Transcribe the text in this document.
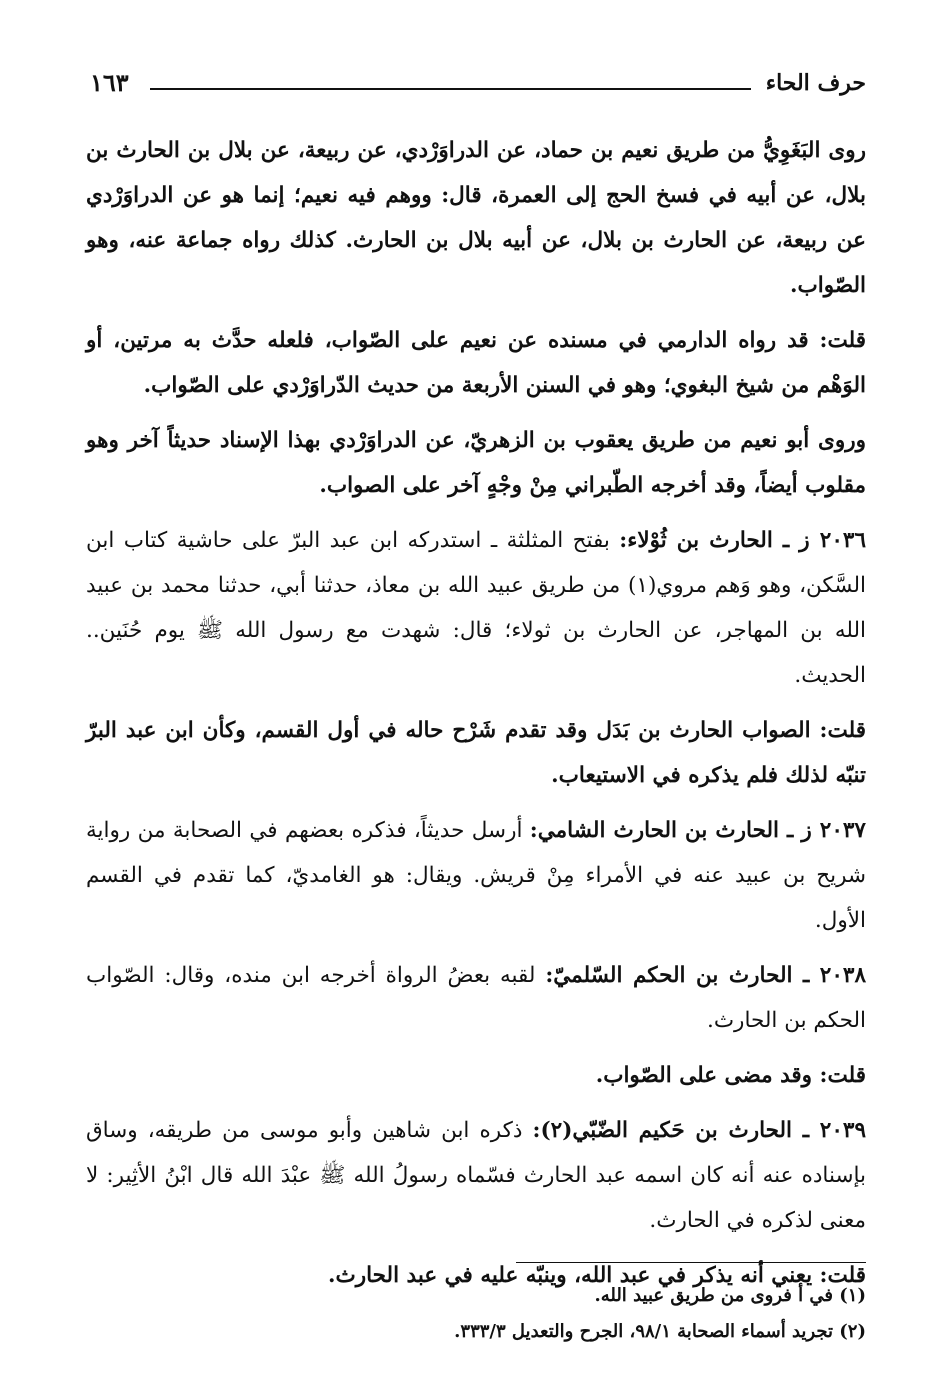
حرف الحاء
١٦٣

روى البَغَوِيُّ من طريق نعيم بن حماد، عن الدراوَرْدي، عن ربيعة، عن بلال بن الحارث بن بلال، عن أبيه في فسخ الحج إلى العمرة، قال: ووهم فيه نعيم؛ إنما هو عن الدراوَرْدي عن ربيعة، عن الحارث بن بلال، عن أبيه بلال بن الحارث. كذلك رواه جماعة عنه، وهو الصّواب.

قلت: قد رواه الدارمي في مسنده عن نعيم على الصّواب، فلعله حدَّث به مرتين، أو الوَهْم من شيخ البغوي؛ وهو في السنن الأربعة من حديث الدّراوَرْدي على الصّواب.

وروى أبو نعيم من طريق يعقوب بن الزهريّ، عن الدراوَرْدي بهذا الإسناد حديثاً آخر وهو مقلوب أيضاً، وقد أخرجه الطّبراني مِنْ وجْهٍ آخر على الصواب.

٢٠٣٦ ز ـ الحارث بن ثُوْلاء: بفتح المثلثة ـ استدركه ابن عبد البرّ على حاشية كتاب ابن السَّكن، وهو وَهم مروي(١) من طريق عبيد الله بن معاذ، حدثنا أبي، حدثنا محمد بن عبيد الله بن المهاجر، عن الحارث بن ثولاء؛ قال: شهدت مع رسول الله ﷺ يوم حُنَين.. الحديث.

قلت: الصواب الحارث بن بَدَل وقد تقدم شَرْح حاله في أول القسم، وكأن ابن عبد البرّ تنبّه لذلك فلم يذكره في الاستيعاب.

٢٠٣٧ ز ـ الحارث بن الحارث الشامي: أرسل حديثاً، فذكره بعضهم في الصحابة من رواية شريح بن عبيد عنه في الأمراء مِنْ قريش. ويقال: هو الغامديّ، كما تقدم في القسم الأول.

٢٠٣٨ ـ الحارث بن الحكم السّلميّ: لقبه بعضُ الرواة أخرجه ابن منده، وقال: الصّواب الحكم بن الحارث.

قلت: وقد مضى على الصّواب.

٢٠٣٩ ـ الحارث بن حَكيم الضّبّي(٢): ذكره ابن شاهين وأبو موسى من طريقه، وساق بإسناده عنه أنه كان اسمه عبد الحارث فسّماه رسولُ الله ﷺ عبْدَ الله قال ابْنُ الأثِير: لا معنى لذكره في الحارث.

قلت: يعني أنه يذكر في عبد الله، وينبّه عليه في عبد الحارث.

(١) في أ فروى من طريق عبيد الله.

(٢) تجريد أسماء الصحابة ٩٨/١، الجرح والتعديل ٣٣٣/٣.
